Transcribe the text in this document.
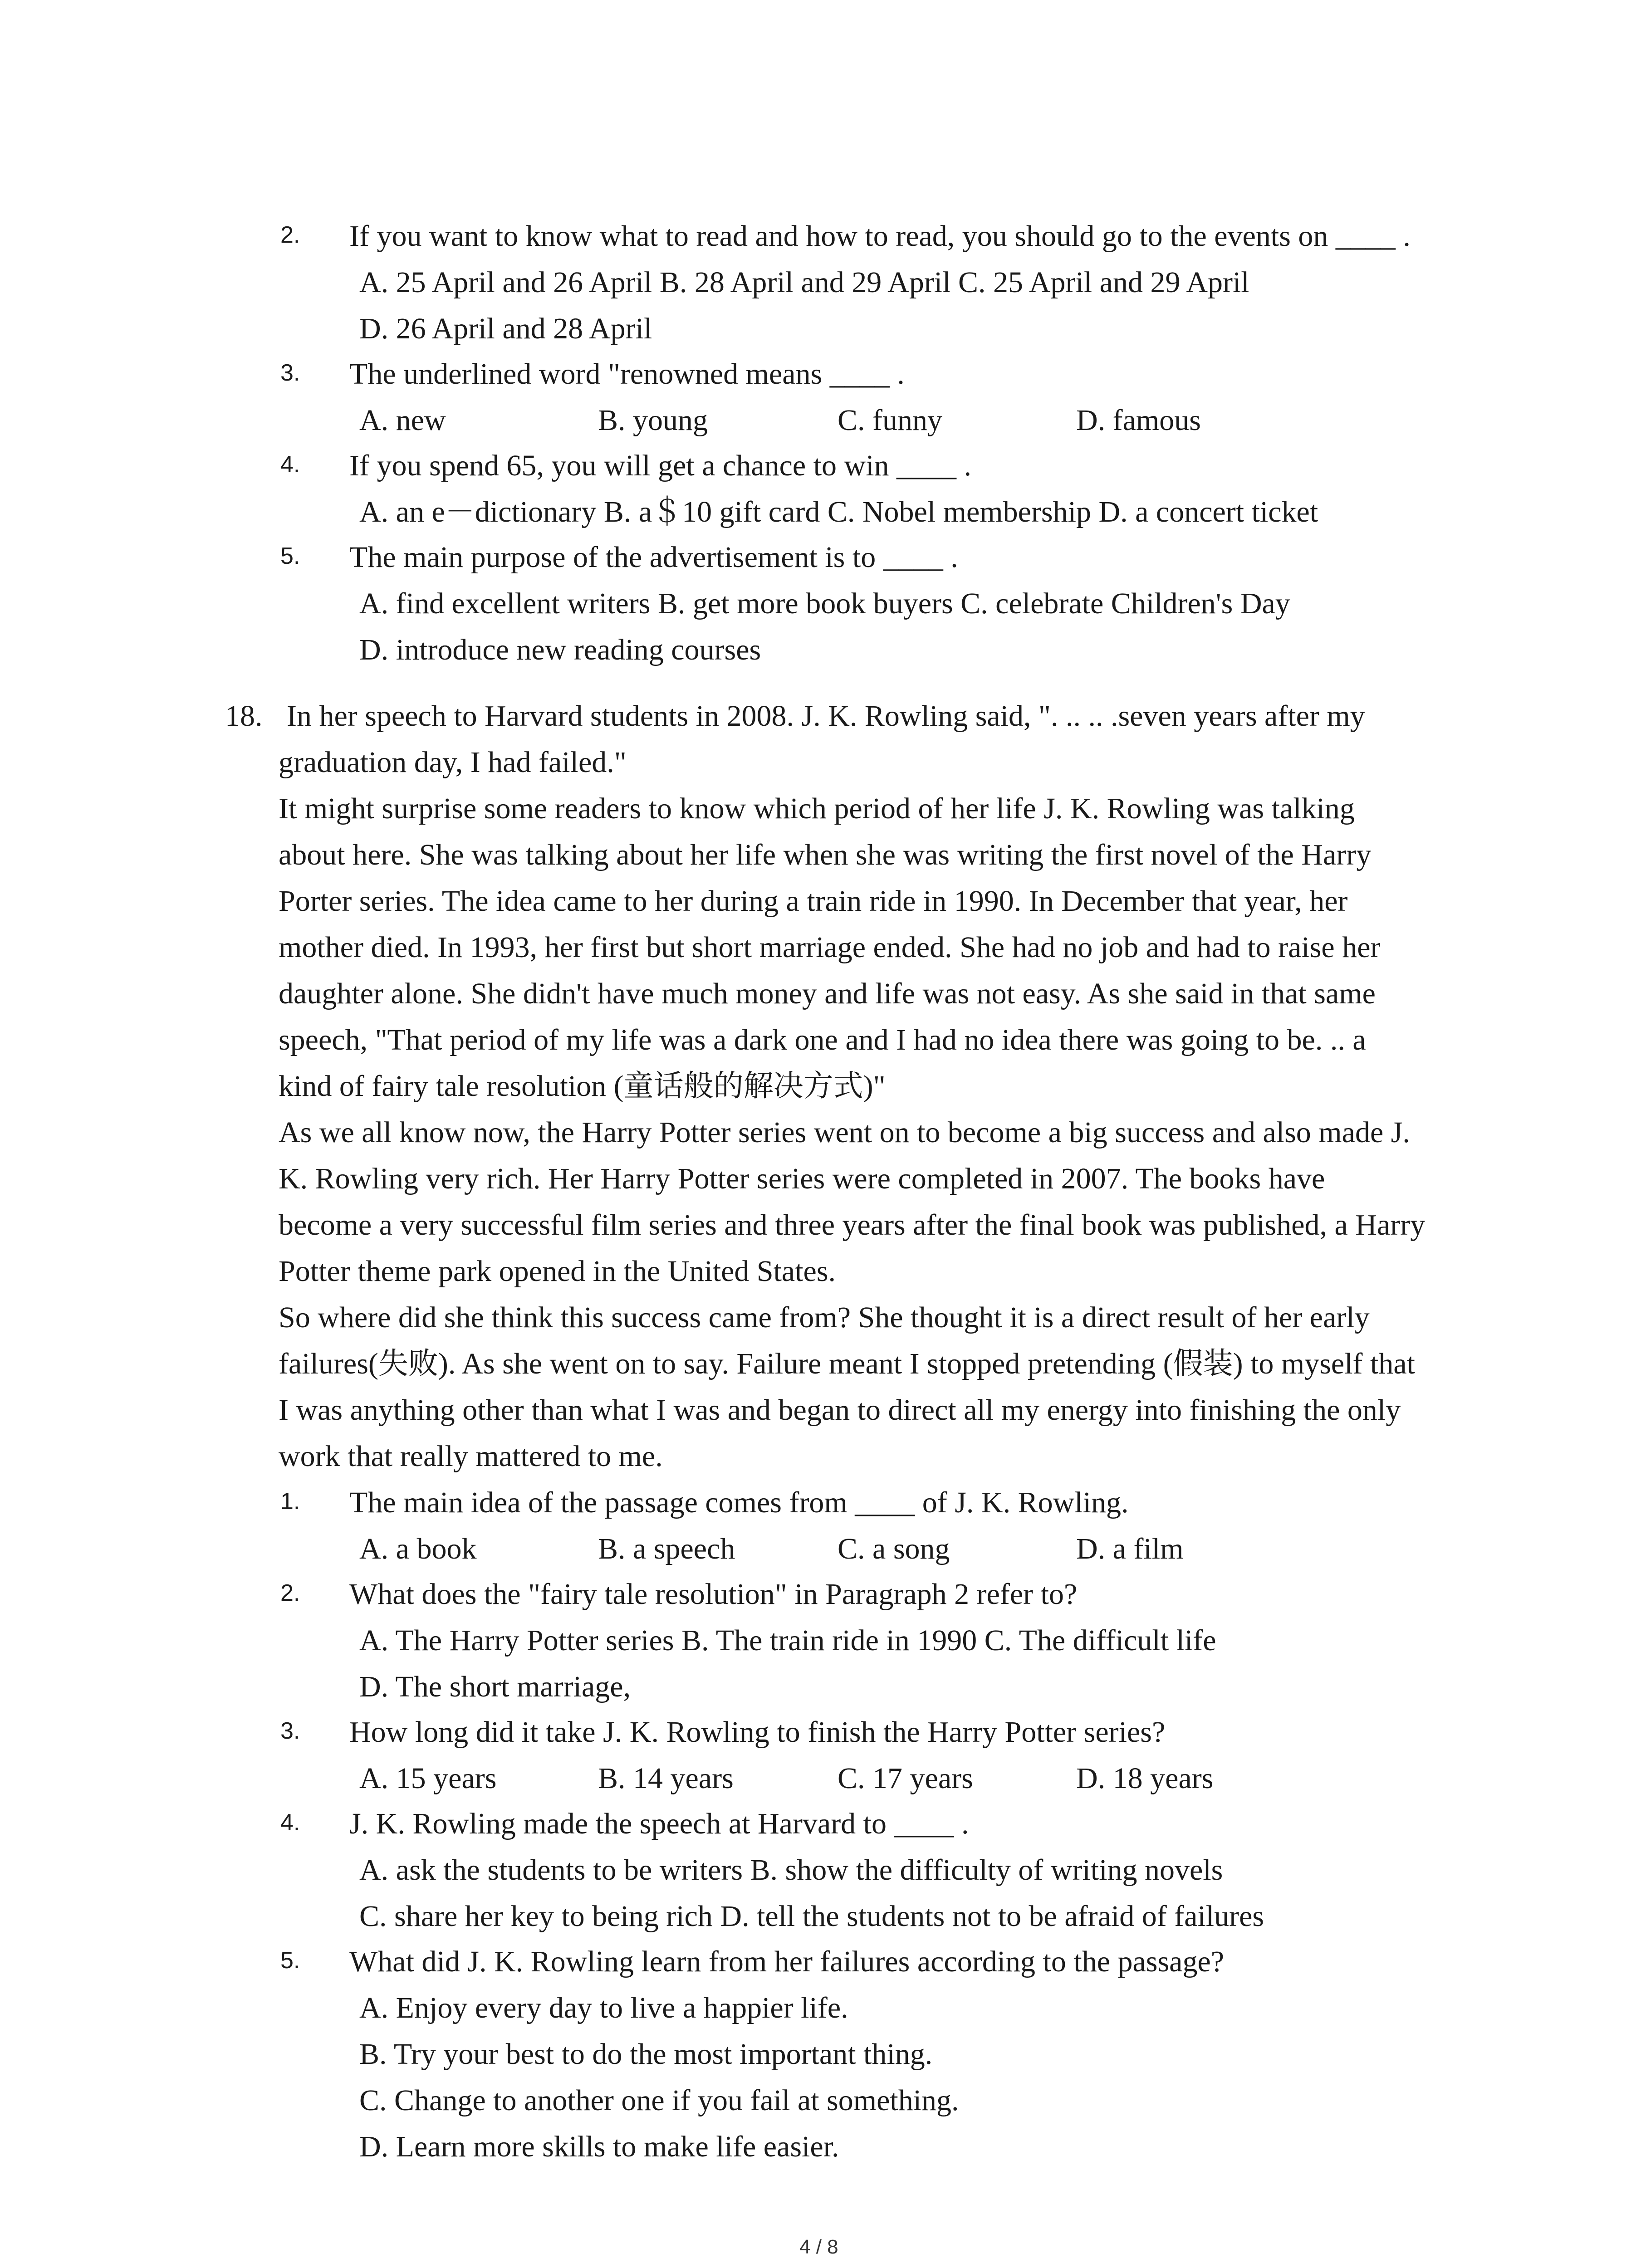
2. If you want to know what to read and how to read, you should go to the events on ____ .
A. 25 April and 26 April B. 28 April and 29 April C. 25 April and 29 April
D. 26 April and 28 April
3. The underlined word "renowned means ____ .
A. new	B. young	C. funny	D. famous
4. If you spend 65, you will get a chance to win ____ .
A. an e－dictionary B. a＄10 gift card C. Nobel membership D. a concert ticket
5. The main purpose of the advertisement is to ____ .
A. find excellent writers B. get more book buyers C. celebrate Children's Day
D. introduce new reading courses
18. In her speech to Harvard students in 2008. J. K. Rowling said, ". .. .. .seven years after my
graduation day, I had failed."
It might surprise some readers to know which period of her life J. K. Rowling was talking
about here. She was talking about her life when she was writing the first novel of the Harry
Porter series. The idea came to her during a train ride in 1990. In December that year, her
mother died. In 1993, her first but short marriage ended. She had no job and had to raise her
daughter alone. She didn't have much money and life was not easy. As she said in that same
speech, "That period of my life was a dark one and I had no idea there was going to be. .. a
kind of fairy tale resolution (童话般的解决方式)"
As we all know now, the Harry Potter series went on to become a big success and also made J.
K. Rowling very rich. Her Harry Potter series were completed in 2007. The books have
become a very successful film series and three years after the final book was published, a Harry
Potter theme park opened in the United States.
So where did she think this success came from? She thought it is a direct result of her early
failures(失败). As she went on to say. Failure meant I stopped pretending (假装) to myself that
I was anything other than what I was and began to direct all my energy into finishing the only
work that really mattered to me.
1. The main idea of the passage comes from ____ of J. K. Rowling.
A. a book	B. a speech	C. a song	D. a film
2. What does the "fairy tale resolution" in Paragraph 2 refer to?
A. The Harry Potter series B. The train ride in 1990 C. The difficult life
D. The short marriage,
3. How long did it take J. K. Rowling to finish the Harry Potter series?
A. 15 years	B. 14 years	C. 17 years	D. 18 years
4. J. K. Rowling made the speech at Harvard to ____ .
A. ask the students to be writers B. show the difficulty of writing novels
C. share her key to being rich D. tell the students not to be afraid of failures
5. What did J. K. Rowling learn from her failures according to the passage?
A. Enjoy every day to live a happier life.
B. Try your best to do the most important thing.
C. Change to another one if you fail at something.
D. Learn more skills to make life easier.
4 / 8
